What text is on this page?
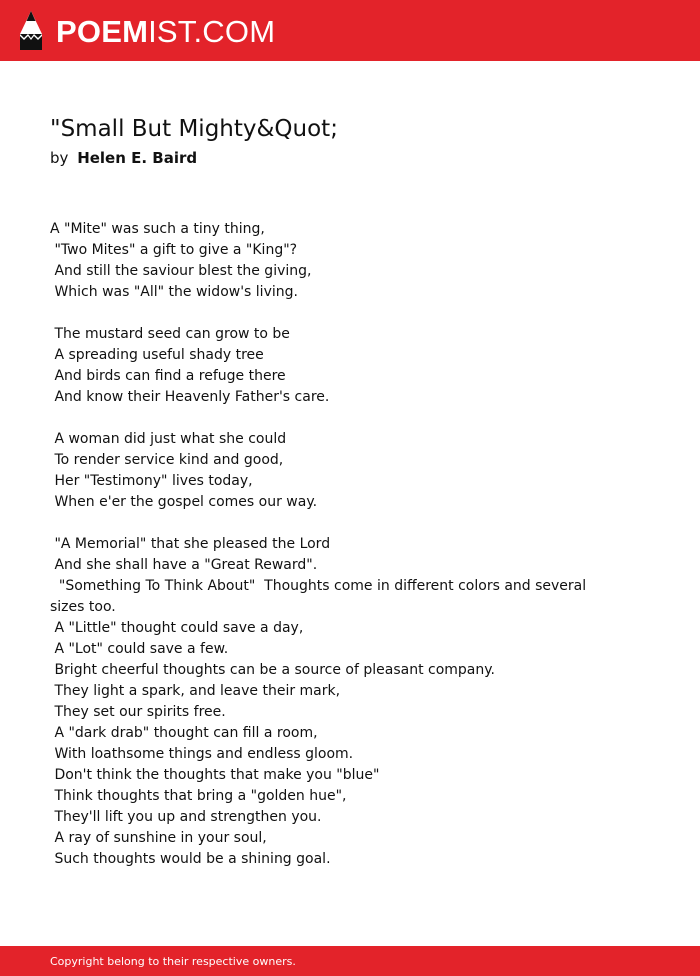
POEMIST.COM
"Small But Mighty&Quot;
by Helen E. Baird
A "Mite" was such a tiny thing,
"Two Mites" a gift to give a "King"?
And still the saviour blest the giving,
Which was "All" the widow's living.
The mustard seed can grow to be
A spreading useful shady tree
And birds can find a refuge there
And know their Heavenly Father's care.
A woman did just what she could
To render service kind and good,
Her "Testimony" lives today,
When e'er the gospel comes our way.
"A Memorial" that she pleased the Lord
And she shall have a "Great Reward".
"Something To Think About"  Thoughts come in different colors and several
sizes too.
A "Little" thought could save a day,
A "Lot" could save a few.
Bright cheerful thoughts can be a source of pleasant company.
They light a spark, and leave their mark,
They set our spirits free.
A "dark drab" thought can fill a room,
With loathsome things and endless gloom.
Don't think the thoughts that make you "blue"
Think thoughts that bring a "golden hue",
They'll lift you up and strengthen you.
A ray of sunshine in your soul,
Such thoughts would be a shining goal.
Copyright belong to their respective owners.
